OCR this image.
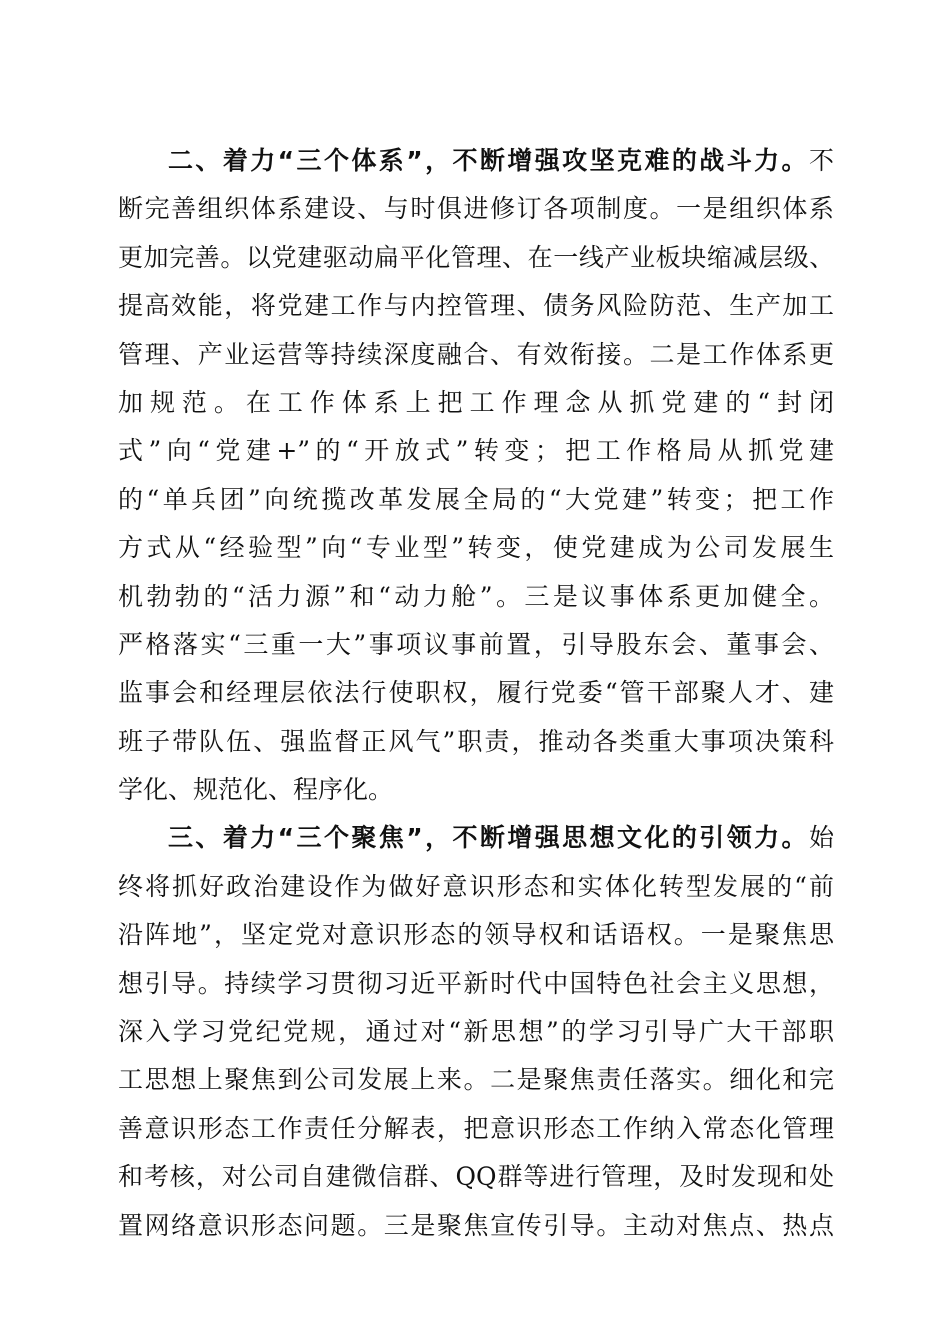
二、着力“三个体系”，不断增强攻坚克难的战斗力。不
断完善组织体系建设、与时俱进修订各项制度。一是组织体系
更加完善。以党建驱动扁平化管理、在一线产业板块缩减层级、
提高效能，将党建工作与内控管理、债务风险防范、生产加工
管理、产业运营等持续深度融合、有效衔接。二是工作体系更
加规范。在工作体系上把工作理念从抓党建的“封闭
式”向“党建+”的“开放式”转变；把工作格局从抓党建
的“单兵团”向统揽改革发展全局的“大党建”转变；把工作
方式从“经验型”向“专业型”转变，使党建成为公司发展生
机勃勃的“活力源”和“动力舱”。三是议事体系更加健全。
严格落实“三重一大”事项议事前置，引导股东会、董事会、
监事会和经理层依法行使职权，履行党委“管干部聚人才、建
班子带队伍、强监督正风气”职责，推动各类重大事项决策科
学化、规范化、程序化。
三、着力“三个聚焦”，不断增强思想文化的引领力。始
终将抓好政治建设作为做好意识形态和实体化转型发展的“前
沿阵地”，坚定党对意识形态的领导权和话语权。一是聚焦思
想引导。持续学习贯彻习近平新时代中国特色社会主义思想，
深入学习党纪党规，通过对“新思想”的学习引导广大干部职
工思想上聚焦到公司发展上来。二是聚焦责任落实。细化和完
善意识形态工作责任分解表，把意识形态工作纳入常态化管理
和考核，对公司自建微信群、QQ群等进行管理，及时发现和处
置网络意识形态问题。三是聚焦宣传引导。主动对焦点、热点
